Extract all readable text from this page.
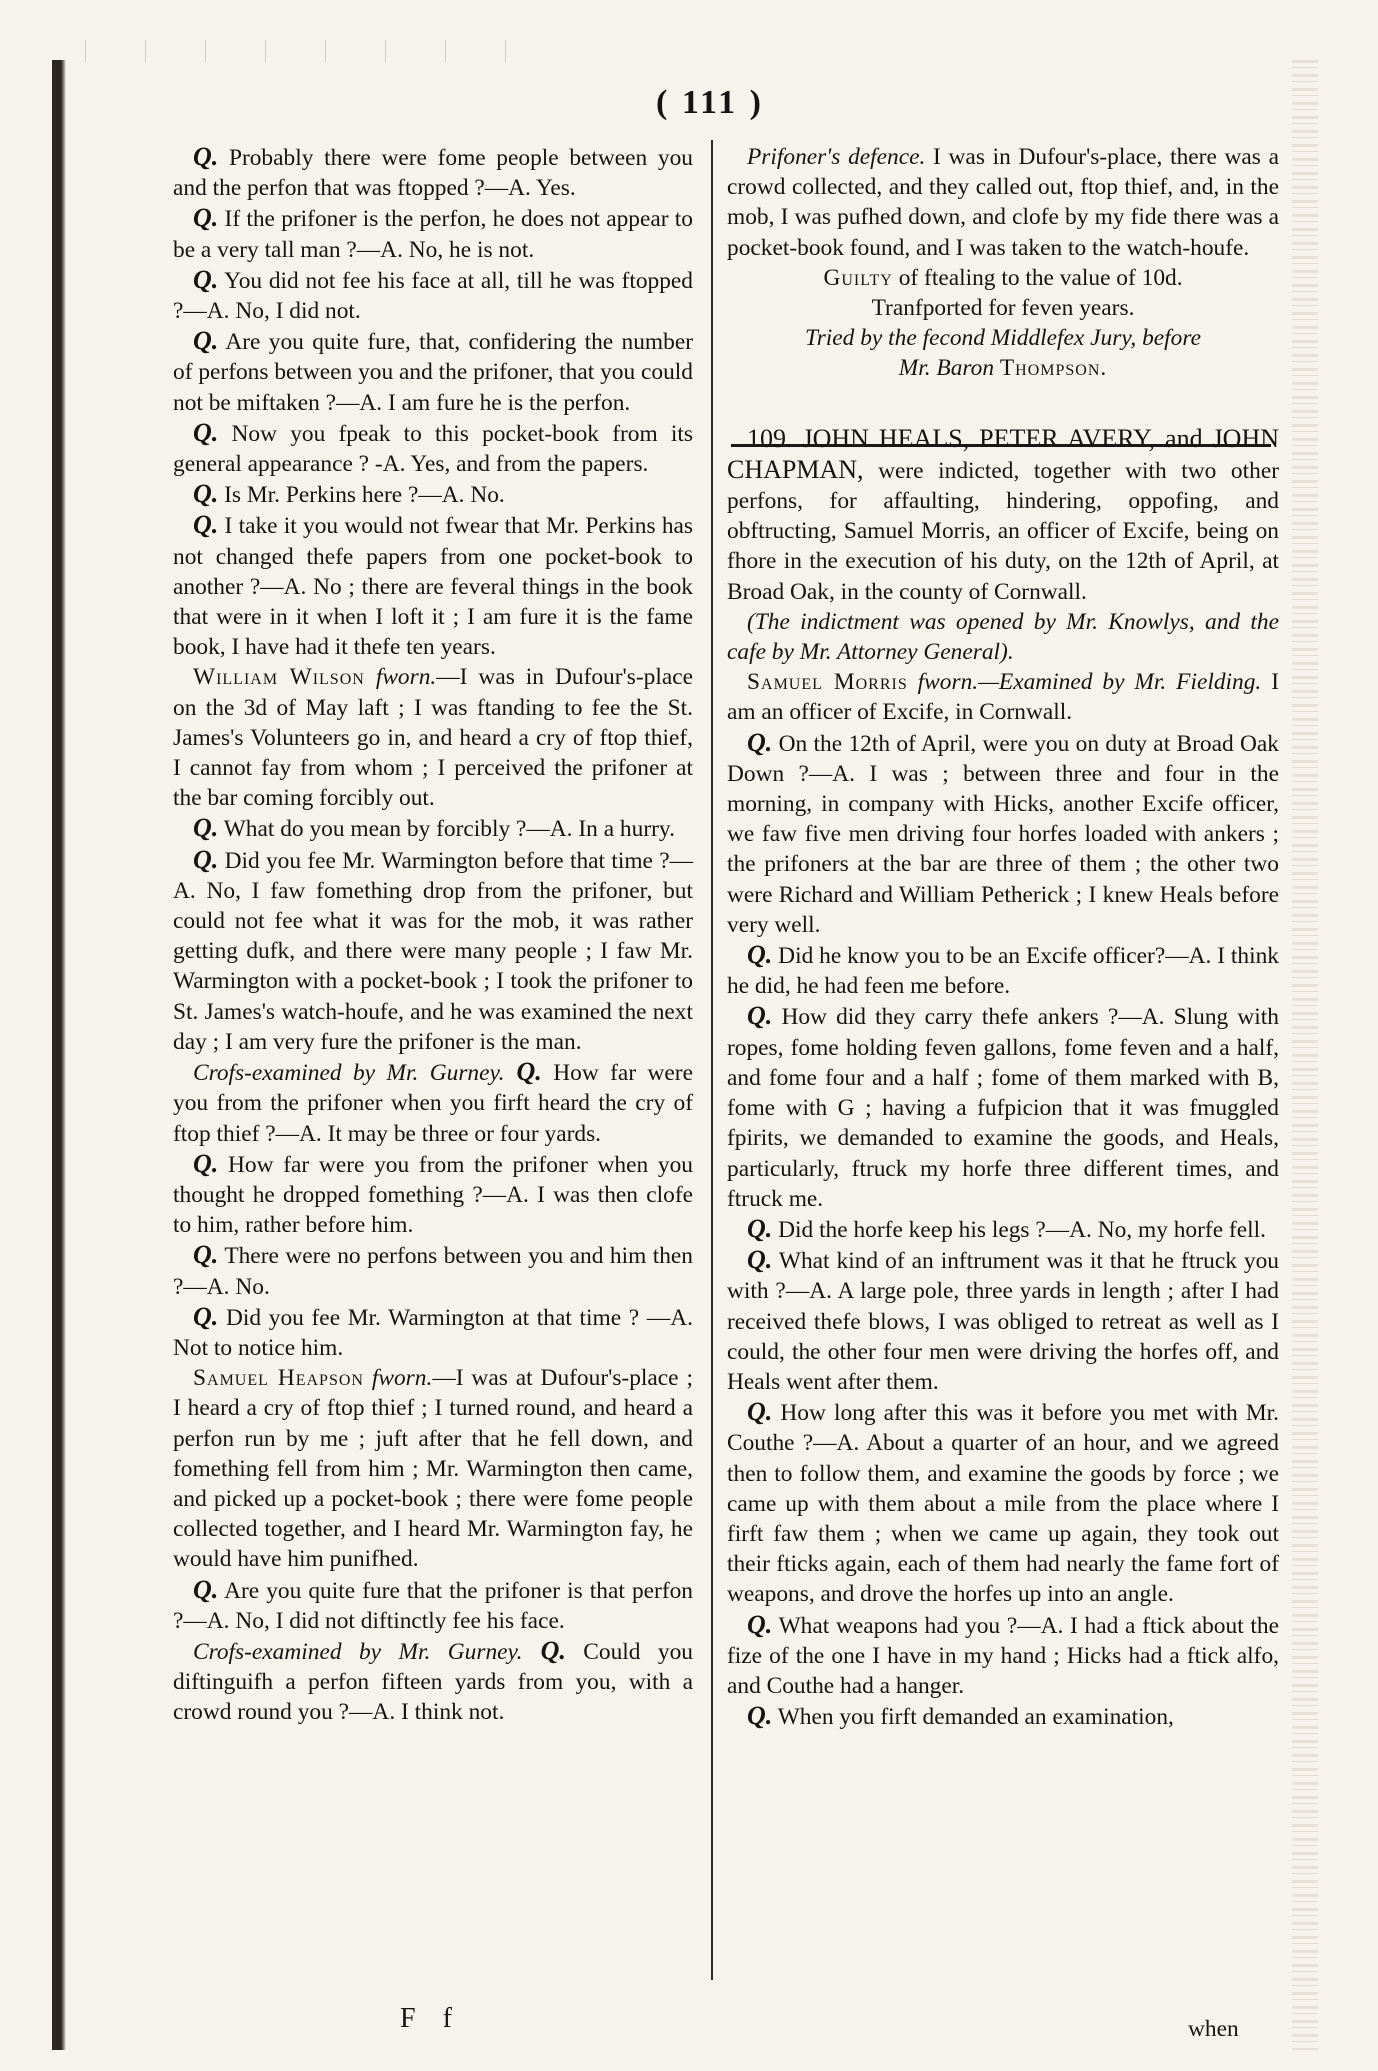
( 111 )

Q. Probably there were fome people between you and the perfon that was ftopped ?—A. Yes.

Q. If the prifoner is the perfon, he does not appear to be a very tall man ?—A. No, he is not.

Q. You did not fee his face at all, till he was ftopped ?—A. No, I did not.

Q. Are you quite fure, that, confidering the number of perfons between you and the prifoner, that you could not be miftaken ?—A. I am fure he is the perfon.

Q. Now you fpeak to this pocket-book from its general appearance ? -A. Yes, and from the papers.

Q. Is Mr. Perkins here ?—A. No.

Q. I take it you would not fwear that Mr. Perkins has not changed thefe papers from one pocket-book to another ?—A. No ; there are feveral things in the book that were in it when I loft it ; I am fure it is the fame book, I have had it thefe ten years.

William Wilson fworn.—I was in Dufour's-place on the 3d of May laft ; I was ftanding to fee the St. James's Volunteers go in, and heard a cry of ftop thief, I cannot fay from whom ; I perceived the prifoner at the bar coming forcibly out.

Q. What do you mean by forcibly ?—A. In a hurry.

Q. Did you fee Mr. Warmington before that time ?—A. No, I faw fomething drop from the prifoner, but could not fee what it was for the mob, it was rather getting dufk, and there were many people ; I faw Mr. Warmington with a pocket-book ; I took the prifoner to St. James's watch-houfe, and he was examined the next day ; I am very fure the prifoner is the man.

Crofs-examined by Mr. Gurney. Q. How far were you from the prifoner when you firft heard the cry of ftop thief ?—A. It may be three or four yards.

Q. How far were you from the prifoner when you thought he dropped fomething ?—A. I was then clofe to him, rather before him.

Q. There were no perfons between you and him then ?—A. No.

Q. Did you fee Mr. Warmington at that time ? —A. Not to notice him.

Samuel Heapson fworn.—I was at Dufour's-place ; I heard a cry of ftop thief ; I turned round, and heard a perfon run by me ; juft after that he fell down, and fomething fell from him ; Mr. Warmington then came, and picked up a pocket-book ; there were fome people collected together, and I heard Mr. Warmington fay, he would have him punifhed.

Q. Are you quite fure that the prifoner is that perfon ?—A. No, I did not diftinctly fee his face.

Crofs-examined by Mr. Gurney. Q. Could you diftinguifh a perfon fifteen yards from you, with a crowd round you ?—A. I think not.

Prifoner's defence. I was in Dufour's-place, there was a crowd collected, and they called out, ftop thief, and, in the mob, I was pufhed down, and clofe by my fide there was a pocket-book found, and I was taken to the watch-houfe.

Guilty of ftealing to the value of 10d.

Tranfported for feven years.

Tried by the fecond Middlefex Jury, before

Mr. Baron Thompson.

109. JOHN HEALS, PETER AVERY, and JOHN CHAPMAN, were indicted, together with two other perfons, for affaulting, hindering, oppofing, and obftructing, Samuel Morris, an officer of Excife, being on fhore in the execution of his duty, on the 12th of April, at Broad Oak, in the county of Cornwall.

(The indictment was opened by Mr. Knowlys, and the cafe by Mr. Attorney General).

Samuel Morris fworn.—Examined by Mr. Fielding. I am an officer of Excife, in Cornwall.

Q. On the 12th of April, were you on duty at Broad Oak Down ?—A. I was ; between three and four in the morning, in company with Hicks, another Excife officer, we faw five men driving four horfes loaded with ankers ; the prifoners at the bar are three of them ; the other two were Richard and William Petherick ; I knew Heals before very well.

Q. Did he know you to be an Excife officer?—A. I think he did, he had feen me before.

Q. How did they carry thefe ankers ?—A. Slung with ropes, fome holding feven gallons, fome feven and a half, and fome four and a half ; fome of them marked with B, fome with G ; having a fufpicion that it was fmuggled fpirits, we demanded to examine the goods, and Heals, particularly, ftruck my horfe three different times, and ftruck me.

Q. Did the horfe keep his legs ?—A. No, my horfe fell.

Q. What kind of an inftrument was it that he ftruck you with ?—A. A large pole, three yards in length ; after I had received thefe blows, I was obliged to retreat as well as I could, the other four men were driving the horfes off, and Heals went after them.

Q. How long after this was it before you met with Mr. Couthe ?—A. About a quarter of an hour, and we agreed then to follow them, and examine the goods by force ; we came up with them about a mile from the place where I firft faw them ; when we came up again, they took out their fticks again, each of them had nearly the fame fort of weapons, and drove the horfes up into an angle.

Q. What weapons had you ?—A. I had a ftick about the fize of the one I have in my hand ; Hicks had a ftick alfo, and Couthe had a hanger.

Q. When you firft demanded an examination,

F f	when
